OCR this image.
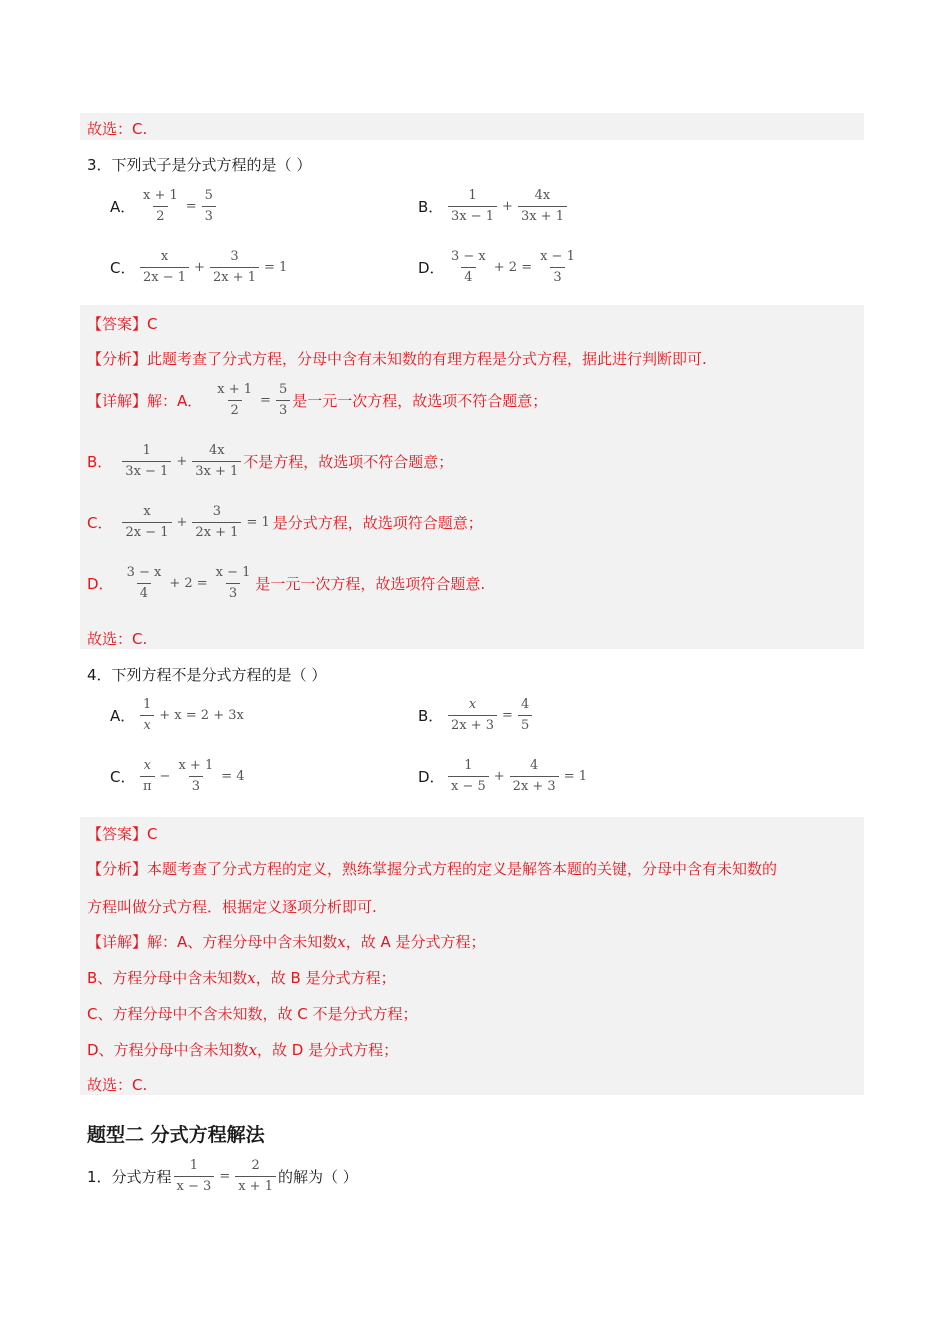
故选：C.
3．下列式子是分式方程的是（ ）
A． $\frac{x + 1}{2} = \frac{5}{3}$	B． $\frac{1}{3x - 1} + \frac{4x}{3x + 1}$
C． $\frac{x}{2x - 1} + \frac{3}{2x + 1} = 1$	D． $\frac{3 - x}{4} + 2 = \frac{x - 1}{3}$
【答案】C
【分析】此题考查了分式方程，分母中含有未知数的有理方程是分式方程，据此进行判断即可.
【详解】 解：A． $\frac{x + 1}{2} = \frac{5}{3}$ 是一元一次方程，故选项不符合题意；
B． $\frac{1}{3x - 1} + \frac{4x}{3x + 1}$ 不是方程，故选项不符合题意；
C． $\frac{x}{2x - 1} + \frac{3}{2x + 1} = 1$ 是分式方程，故选项符合题意；
D． $\frac{3 - x}{4} + 2 = \frac{x - 1}{3}$ 是一元一次方程，故选项符合题意.
故选：C.
4．下列方程不是分式方程的是（ ）
A． $\frac{1}{x} + x = 2 + 3x$	B． $\frac{x}{2x + 3} = \frac{4}{5}$
C． $\frac{x}{\pi} - \frac{x + 1}{3} = 4$	D． $\frac{1}{x - 5} + \frac{4}{2x + 3} = 1$
【答案】C
【分析】本题考查了分式方程的定义，熟练掌握分式方程的定义是解答本题的关键，分母中含有未知数的
方程叫做分式方程．根据定义逐项分析即可.
【详解】解：A、方程分母中含未知数x，故 A 是分式方程；
B、方程分母中含未知数x，故 B 是分式方程；
C、方程分母中不含未知数，故 C 不是分式方程；
D、方程分母中含未知数x，故 D 是分式方程；
故选：C.
题型二 分式方程解法
1．分式方程 $\frac{1}{x - 3} = \frac{2}{x + 1}$ 的解为（ ）
